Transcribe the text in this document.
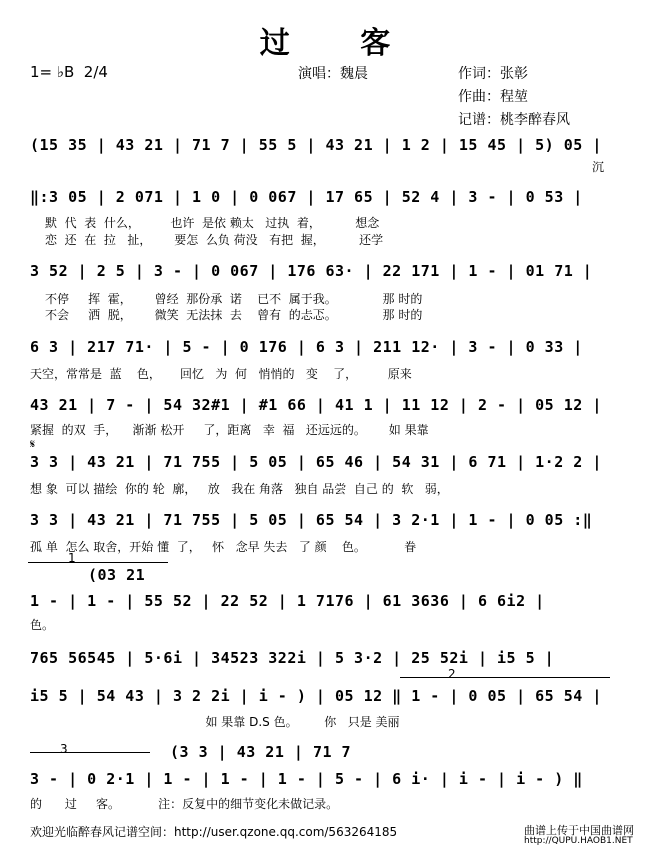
过 客
1= ♭B  2/4	演唱：魏晨	作词：张彰
作曲：程堃
记谱：桃李醉春风
(15 35 | 43 21 | 71 7 | 55 5 | 43 21 | 1 2 | 15 45 | 5) 05 |
沉
‖:3 05 | 2 071 | 1 0 | 0 067 | 17 65 | 52 4 | 3 - | 0 53 |
默  代  表  什么，        也许  是依 赖太   过执  着，         想念
恋  还  在  拉   扯，      要怎  么负 荷没   有把  握，         还学
3 52 | 2 5 | 3 - | 0 067 | 176 63· | 22 171 | 1 - | 01 71 |
不停     挥  霍，      曾经  那份承  诺    已不  属于我。            那 时的
不会     洒  脱，      微笑  无法抹  去    曾有  的忐忑。            那 时的
6 3 | 217 71· | 5 - | 0 176 | 6 3 | 211 12· | 3 - | 0 33 |
天空，常常是  蓝    色，     回忆   为  何   悄悄的   变    了，        原来
43 21 | 7 - | 54 32#1 | #1 66 | 41 1 | 11 12 | 2 - | 05 12 |
紧握  的双  手，    渐渐 松开     了，距离   幸  福   还远远的。      如 果靠
𝄋
3 3 | 43 21 | 71 755 | 5 05 | 65 46 | 54 31 | 6 71 | 1·2 2 |
想 象  可以 描绘  你的 轮  廓，   放   我在 角落   独自 品尝  自己 的  软   弱，
3 3 | 43 21 | 71 755 | 5 05 | 65 54 | 3 2·1 | 1 - | 0 05 :‖
孤 单  怎么 取舍，开始 懂  了，   怀   念早 失去   了 颜    色。          眷
1
(03 21
1 - | 1 - | 55 52 | 22 52 | 1 7176 | 61 3636 | 6 6i2 |
色。
765 56545 | 5·6i | 34523 322i | 5 3·2 | 25 52i | i5 5 |
2
i5 5 | 54 43 | 3 2 2i | i - ) | 05 12 ‖ 1 - | 0 05 | 65 54 |
如 果靠 D.S 色。       你   只是 美丽
3	(3 3 | 43 21 | 71 7
3 - | 0 2·1 | 1 - | 1 - | 1 - | 5 - | 6 i· | i - | i - ) ‖
的      过     客。          注：反复中的细节变化未做记录。
欢迎光临醉春风记谱空间：http://user.qzone.qq.com/563264185	曲谱上传于中国曲谱网
http://QUPU.HAOB1.NET
